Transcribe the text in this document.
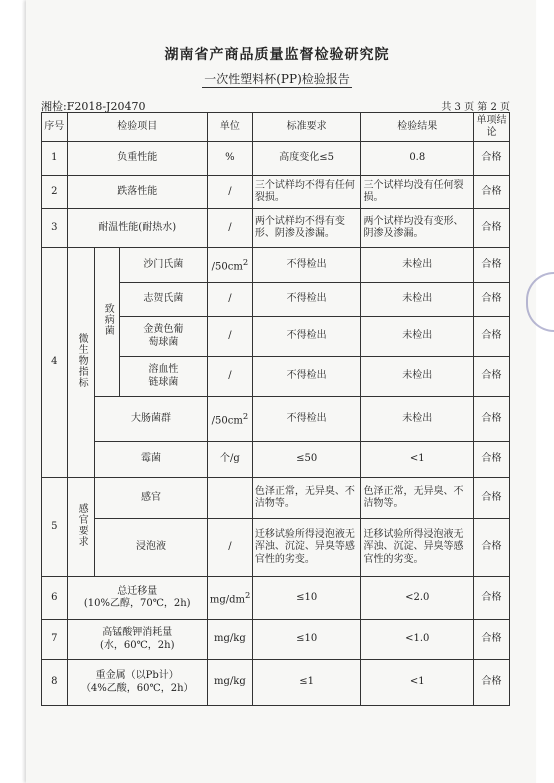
湖南省产商品质量监督检验研究院
一次性塑料杯(PP)检验报告
湘检:F2018-J20470	共 3 页 第 2 页
序号	检验项目			单位	标准要求	检验结果	单项结论
1	负重性能			%	高度变化≤5	0.8	合格
2	跌落性能			/	三个试样均不得有任何裂损。	三个试样均没有任何裂损。	合格
3	耐温性能(耐热水)			/	两个试样均不得有变形、阴渗及渗漏。	两个试样均没有变形、阴渗及渗漏。	合格
4	微生物指标	致病菌	沙门氏菌	$/50cm^2$	不得检出	未检出	合格
			志贺氏菌	/	不得检出	未检出	合格

			金黄色葡萄球菌	/	不得检出	未检出	合格

			溶血性链球菌	/	不得检出	未检出	合格
		大肠菌群		$/50cm^2$	不得检出	未检出	合格
		霉菌		个/g	≤50	<1	合格
5	感官要求	感官			色泽正常，无异臭、不洁物等。	色泽正常，无异臭、不洁物等。	合格
		浸泡液		/	迁移试验所得浸泡液无浑浊、沉淀、异臭等感官性的劣变。	迁移试验所得浸泡液无浑浊、沉淀、异臭等感官性的劣变。	合格
6	总迁移量
(10%乙醇，70℃，2h)			$mg/dm^2$	≤10	<2.0	合格
7	高锰酸钾消耗量
(水，60℃，2h)			mg/kg	≤10	<1.0	合格
8	重金属（以Pb计）
（4%乙酸，60℃，2h）			mg/kg	≤1	<1	合格
